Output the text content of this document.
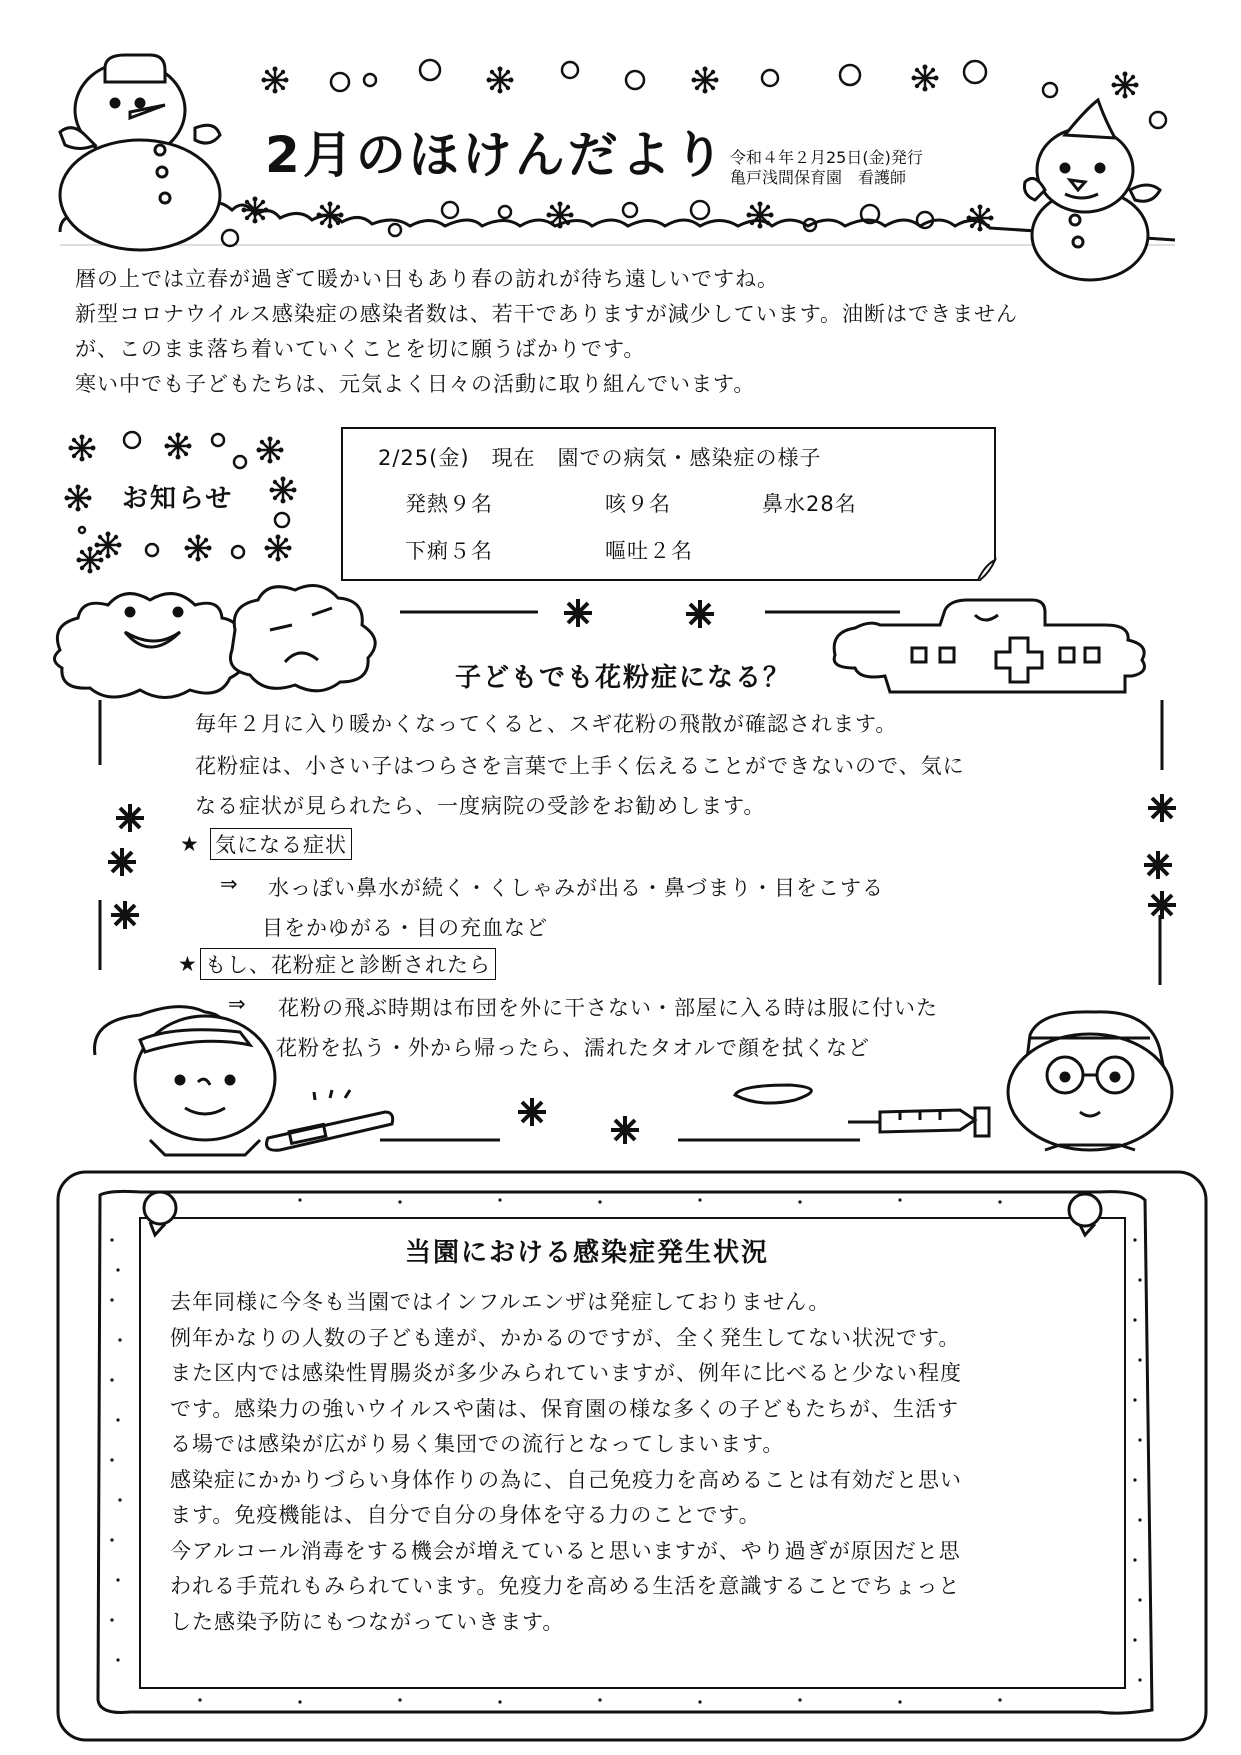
2月のほけんだより 令和４年２月25日(金)発行
亀戸浅間保育園　看護師
暦の上では立春が過ぎて暖かい日もあり春の訪れが待ち遠しいですね。
新型コロナウイルス感染症の感染者数は、若干でありますが減少しています。油断はできません
が、このまま落ち着いていくことを切に願うばかりです。
寒い中でも子どもたちは、元気よく日々の活動に取り組んでいます。
お知らせ
2/25(金)　現在　園での病気・感染症の様子
発熱９名	咳９名	鼻水28名
下痢５名	嘔吐２名
子どもでも花粉症になる？
毎年２月に入り暖かくなってくると、スギ花粉の飛散が確認されます。
花粉症は、小さい子はつらさを言葉で上手く伝えることができないので、気に
なる症状が見られたら、一度病院の受診をお勧めします。
★ 気になる症状
⇒ 水っぽい鼻水が続く・くしゃみが出る・鼻づまり・目をこする
目をかゆがる・目の充血など
★ もし、花粉症と診断されたら
⇒ 花粉の飛ぶ時期は布団を外に干さない・部屋に入る時は服に付いた
花粉を払う・外から帰ったら、濡れたタオルで顔を拭くなど
当園における感染症発生状況
去年同様に今冬も当園ではインフルエンザは発症しておりません。
例年かなりの人数の子ども達が、かかるのですが、全く発生してない状況です。
また区内では感染性胃腸炎が多少みられていますが、例年に比べると少ない程度
です。感染力の強いウイルスや菌は、保育園の様な多くの子どもたちが、生活す
る場では感染が広がり易く集団での流行となってしまいます。
感染症にかかりづらい身体作りの為に、自己免疫力を高めることは有効だと思い
ます。免疫機能は、自分で自分の身体を守る力のことです。
今アルコール消毒をする機会が増えていると思いますが、やり過ぎが原因だと思
われる手荒れもみられています。免疫力を高める生活を意識することでちょっと
した感染予防にもつながっていきます。
